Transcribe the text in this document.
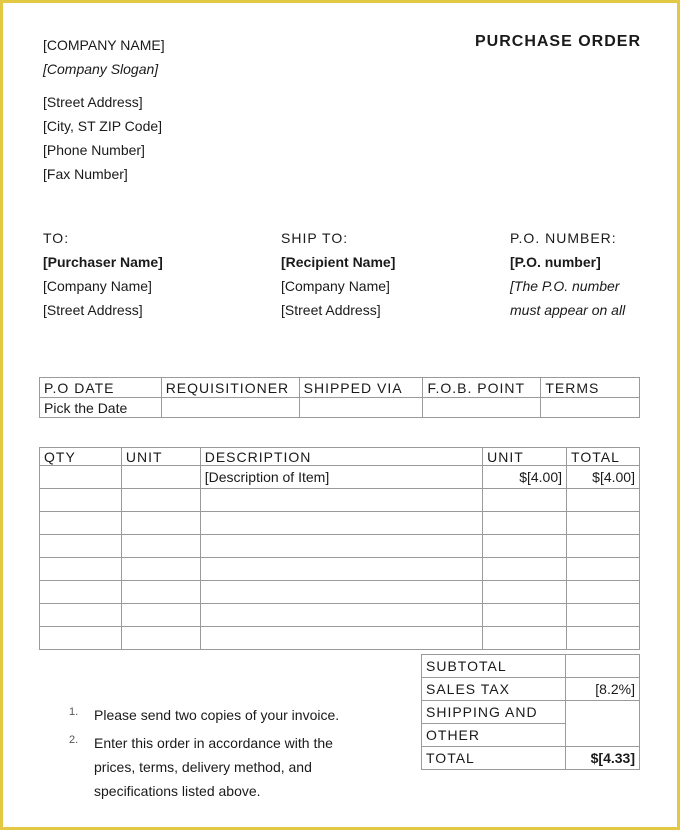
[COMPANY NAME]
[Company Slogan]
[Street Address]
[City, ST ZIP Code]
[Phone Number]
[Fax Number]
PURCHASE ORDER
TO:
[Purchaser Name]
[Company Name]
[Street Address]
SHIP TO:
[Recipient Name]
[Company Name]
[Street Address]
P.O. NUMBER:
[P.O. number]
[The P.O. number
must appear on all
P.O DATE	REQUISITIONER	SHIPPED VIA	F.O.B. POINT	TERMS
Pick the Date				
QTY	UNIT	DESCRIPTION	UNIT	TOTAL
		[Description of Item]	$[4.00]	$[4.00]

SUBTOTAL	
SALES TAX	[8.2%]
SHIPPING AND	
OTHER	
TOTAL	$[4.33]
1.	Please send two copies of your invoice.
2.	Enter this order in accordance with the prices, terms, delivery method, and specifications listed above.
